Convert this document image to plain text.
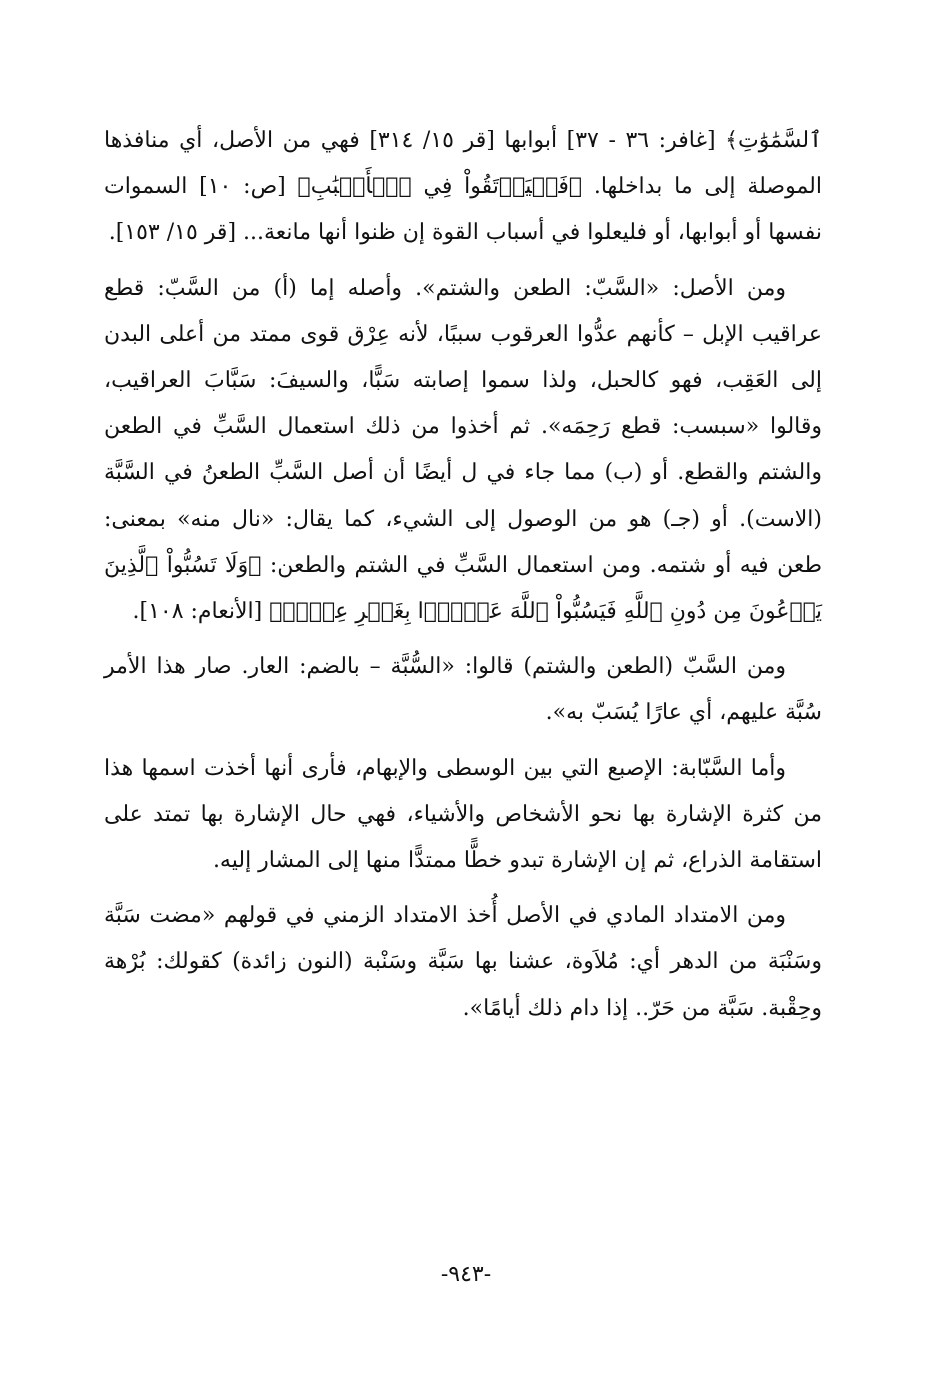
ٱلسَّمَٰوَٰتِ﴾ [غافر: ٣٦ - ٣٧] أبوابها [قر ١٥/ ٣١٤] فهي من الأصل، أي منافذها الموصلة إلى ما بداخلها. ﴿فَلۡيَرۡتَقُواْ فِي ٱلۡأَسۡبَٰبِ﴾ [ص: ١٠] السموات نفسها أو أبوابها، أو فليعلوا في أسباب القوة إن ظنوا أنها مانعة... [قر ١٥/ ١٥٣].

ومن الأصل: «السَّبّ: الطعن والشتم». وأصله إما (أ) من السَّبّ: قطع عراقيب الإبل – كأنهم عدُّوا العرقوب سببًا، لأنه عِرْق قوى ممتد من أعلى البدن إلى العَقِب، فهو كالحبل، ولذا سموا إصابته سَبًّا، والسيفَ: سَبَّابَ العراقيب، وقالوا «سبسب: قطع رَحِمَه». ثم أخذوا من ذلك استعمال السَّبِّ في الطعن والشتم والقطع. أو (ب) مما جاء في ل أيضًا أن أصل السَّبِّ الطعنُ في السَّبَّة (الاست). أو (جـ) هو من الوصول إلى الشيء، كما يقال: «نال منه» بمعنى: طعن فيه أو شتمه. ومن استعمال السَّبِّ في الشتم والطعن: ﴿وَلَا تَسُبُّواْ ٱلَّذِينَ يَدۡعُونَ مِن دُونِ ٱللَّهِ فَيَسُبُّواْ ٱللَّهَ عَدۡوَۢا بِغَيۡرِ عِلۡمٖ﴾ [الأنعام: ١٠٨].

ومن السَّبّ (الطعن والشتم) قالوا: «السُّبَّة – بالضم: العار. صار هذا الأمر سُبَّة عليهم، أي عارًا يُسَبّ به».

وأما السَّبّابة: الإصبع التي بين الوسطى والإبهام، فأرى أنها أخذت اسمها هذا من كثرة الإشارة بها نحو الأشخاص والأشياء، فهي حال الإشارة بها تمتد على استقامة الذراع، ثم إن الإشارة تبدو خطًّا ممتدًّا منها إلى المشار إليه.

ومن الامتداد المادي في الأصل أُخذ الامتداد الزمني في قولهم «مضت سَبَّة وسَنْبَة من الدهر أي: مُلاَوة، عشنا بها سَبَّة وسَنْبة (النون زائدة) كقولك: بُرْهة وحِقْبة. سَبَّة من حَرّ.. إذا دام ذلك أيامًا».

-٩٤٣-
